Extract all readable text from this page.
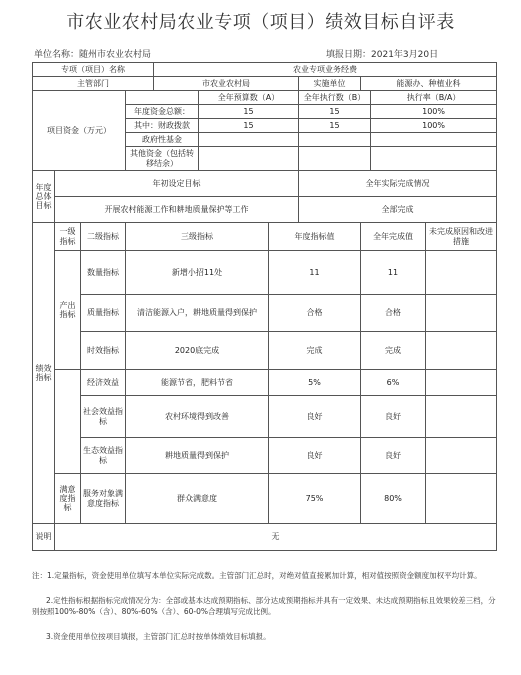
市农业农村局农业专项（项目）绩效目标自评表
单位名称：随州市农业农村局	填报日期：2021年3月20日
专项（项目）名称				农业专项业务经费						
主管部门				市农业农村局			实施单位	能源办、种植业科		
项目资金（万元）					全年预算数（A）		全年执行数（B）		执行率（B/A）	
			年度资金总额：		15		15		100%	
			其中：财政拨款		15		15		100%	
			政府性基金							
			其他资金（包括转移结余）							
年度总体目标	年初设定目标						全年实际完成情况			
	开展农村能源工作和耕地质量保护等工作						全部完成			
绩效指标	一级指标	二级指标	三级指标			年度指标值		全年完成值		未完成原因和改进措施
	产出指标	数量指标	新增小招11处			11		11		
		质量指标	清洁能源入户，耕地质量得到保护			合格		合格		
		时效指标	2020底完成			完成		完成		
		经济效益	能源节省，肥料节省			5%		6%		
		社会效益指标	农村环境得到改善			良好		良好		
		生态效益指标	耕地质量得到保护			良好		良好		
	满意度指标	服务对象满意度指标	群众满意度			75%		80%		
说明	无									

注：1.定量指标，资金使用单位填写本单位实际完成数。主管部门汇总时，对绝对值直接累加计算，相对值按照资金额度加权平均计算。

2.定性指标根据指标完成情况分为：全部或基本达成预期指标、部分达成预期指标并具有一定效果、未达成预期指标且效果较差三档，分别按照100%-80%（含）、80%-60%（含）、60-0%合理填写完成比例。

3.资金使用单位按项目填报，主管部门汇总时按单体绩效目标填报。
